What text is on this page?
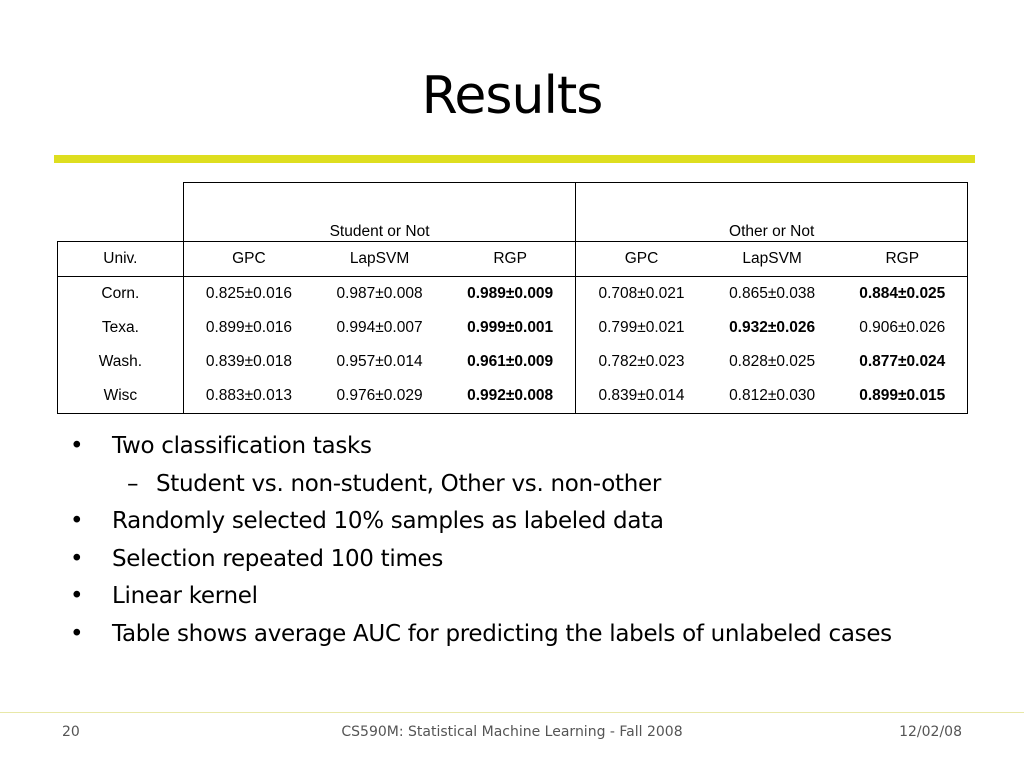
Results
	Student or Not			Other or Not		
Univ.	GPC	LapSVM	RGP	GPC	LapSVM	RGP
Corn.	0.825±0.016	0.987±0.008	0.989±0.009	0.708±0.021	0.865±0.038	0.884±0.025
Texa.	0.899±0.016	0.994±0.007	0.999±0.001	0.799±0.021	0.932±0.026	0.906±0.026
Wash.	0.839±0.018	0.957±0.014	0.961±0.009	0.782±0.023	0.828±0.025	0.877±0.024
Wisc	0.883±0.013	0.976±0.029	0.992±0.008	0.839±0.014	0.812±0.030	0.899±0.015
• Two classification tasks
– Student vs. non-student, Other vs. non-other
• Randomly selected 10% samples as labeled data
• Selection repeated 100 times
• Linear kernel
• Table shows average AUC for predicting the labels of unlabeled cases
20	CS590M: Statistical Machine Learning - Fall 2008	12/02/08
